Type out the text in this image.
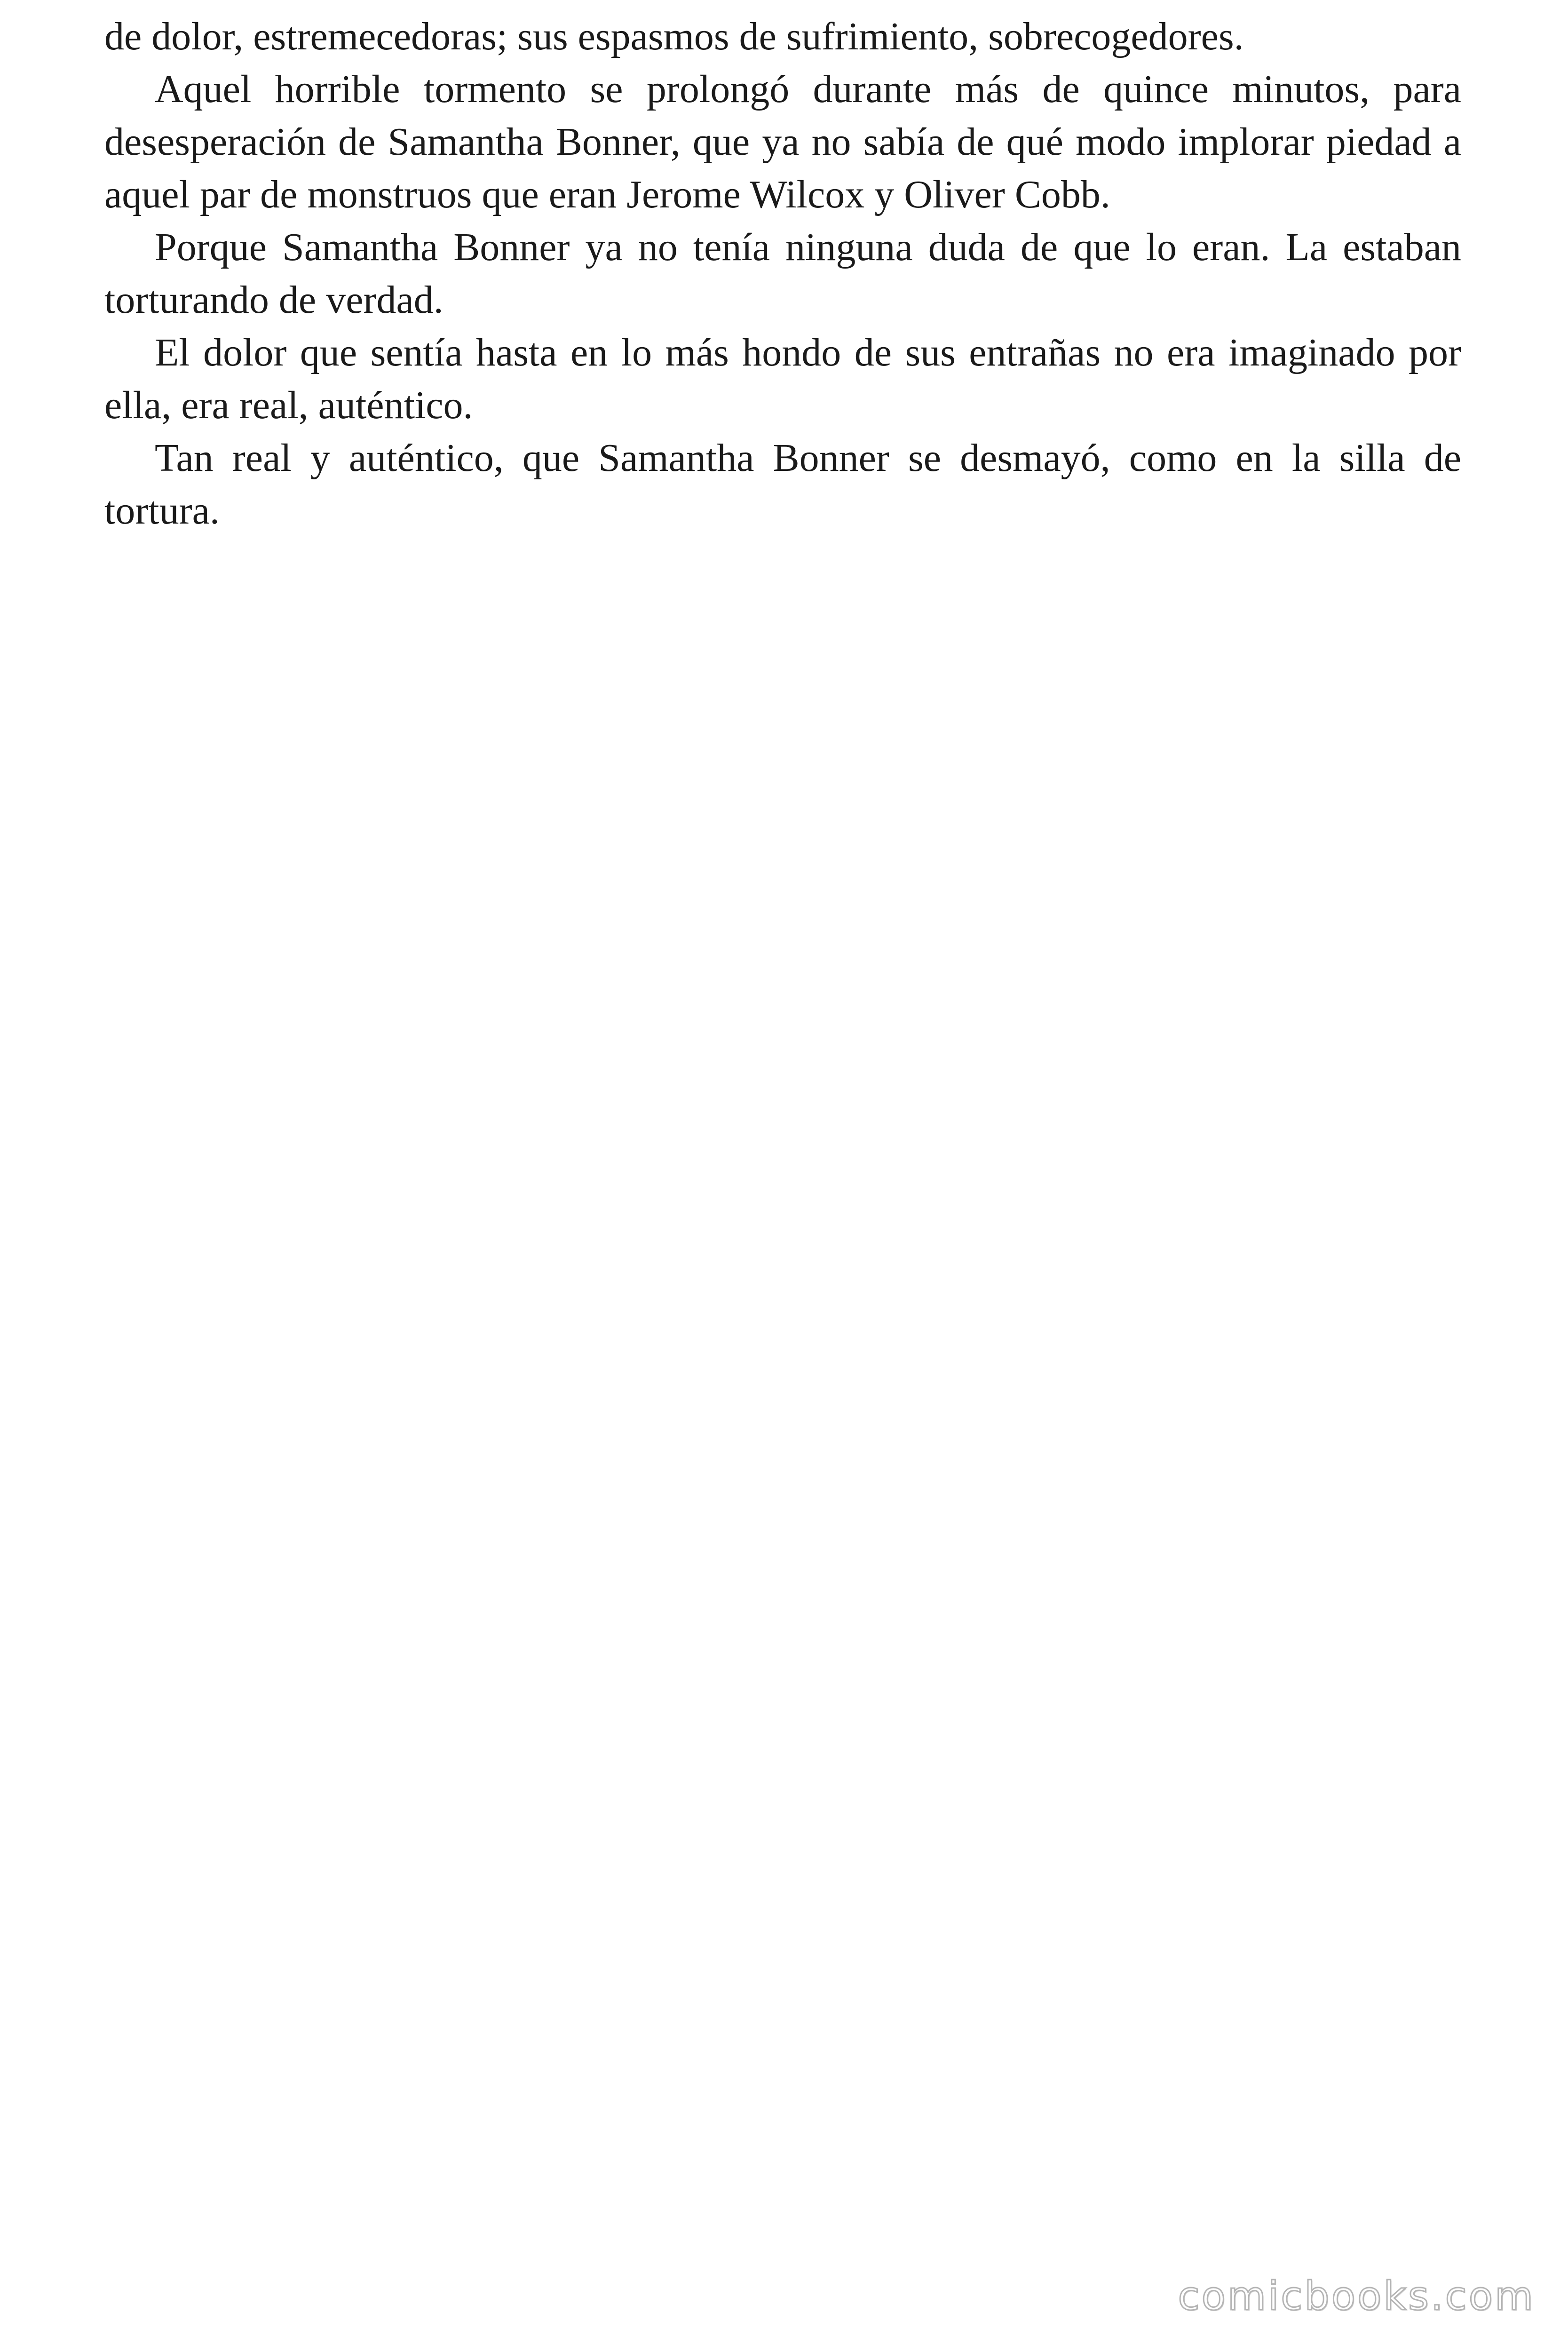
de dolor, estremecedoras; sus espasmos de sufrimiento, sobrecogedores.

Aquel horrible tormento se prolongó durante más de quince minutos, para desesperación de Samantha Bonner, que ya no sabía de qué modo implorar piedad a aquel par de monstruos que eran Jerome Wilcox y Oliver Cobb.

Porque Samantha Bonner ya no tenía ninguna duda de que lo eran. La estaban torturando de verdad.

El dolor que sentía hasta en lo más hondo de sus entrañas no era imaginado por ella, era real, auténtico.

Tan real y auténtico, que Samantha Bonner se desmayó, como en la silla de tortura.

comicbooks.com
